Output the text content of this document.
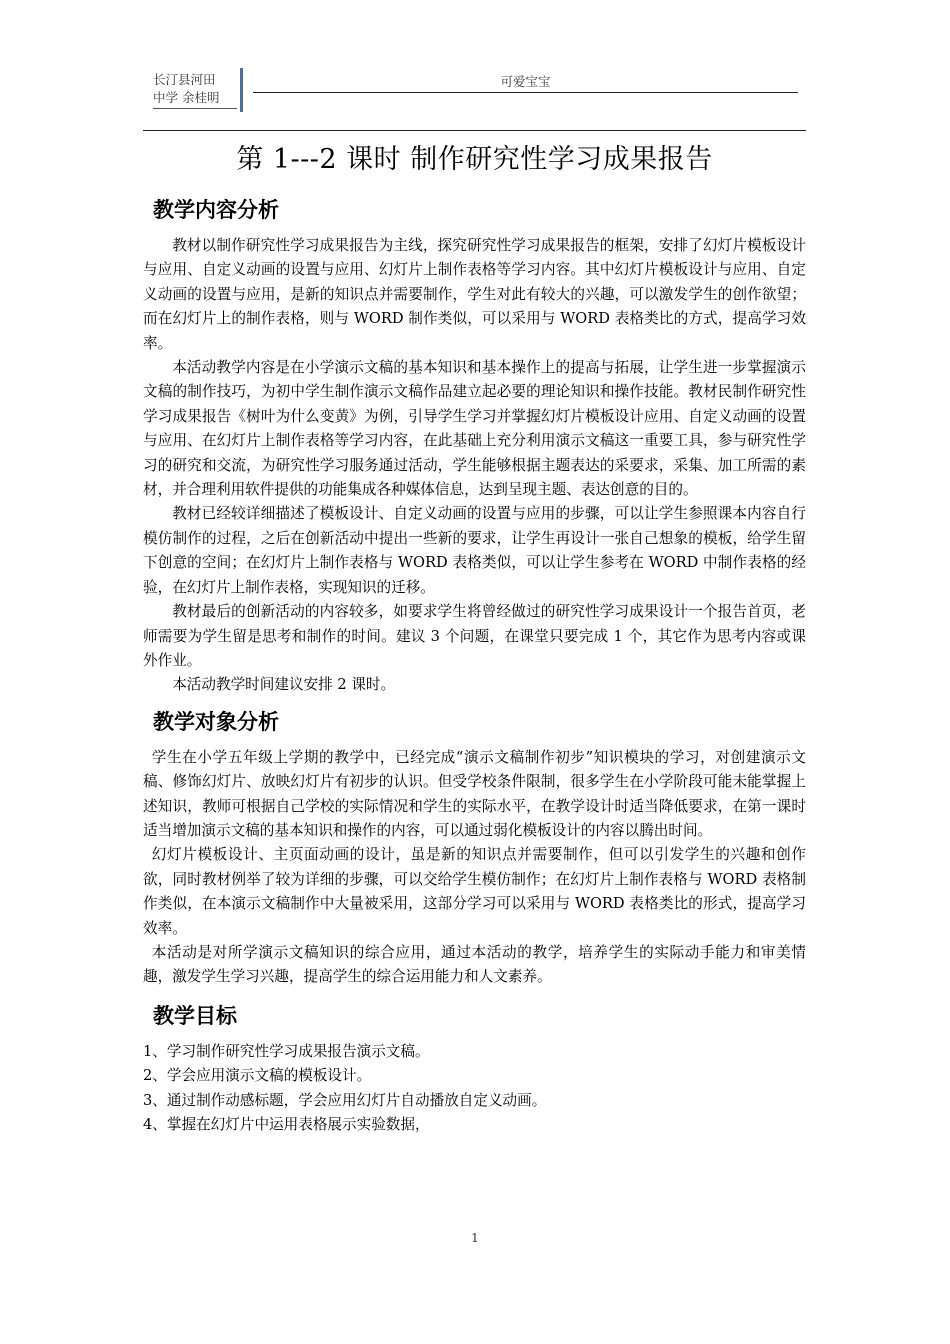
长汀县河田
中学 余桂明
可爱宝宝
第 1---2 课时 制作研究性学习成果报告
教学内容分析

教材以制作研究性学习成果报告为主线，探究研究性学习成果报告的框架，安排了幻灯片模板设计与应用、自定义动画的设置与应用、幻灯片上制作表格等学习内容。其中幻灯片模板设计与应用、自定义动画的设置与应用，是新的知识点并需要制作，学生对此有较大的兴趣，可以激发学生的创作欲望；而在幻灯片上的制作表格，则与 WORD 制作类似，可以采用与 WORD 表格类比的方式，提高学习效率。

本活动教学内容是在小学演示文稿的基本知识和基本操作上的提高与拓展，让学生进一步掌握演示文稿的制作技巧，为初中学生制作演示文稿作品建立起必要的理论知识和操作技能。教材民制作研究性学习成果报告《树叶为什么变黄》为例，引导学生学习并掌握幻灯片模板设计应用、自定义动画的设置与应用、在幻灯片上制作表格等学习内容，在此基础上充分利用演示文稿这一重要工具，参与研究性学习的研究和交流，为研究性学习服务通过活动，学生能够根据主题表达的采要求，采集、加工所需的素材，并合理利用软件提供的功能集成各种媒体信息，达到呈现主题、表达创意的目的。

教材已经较详细描述了模板设计、自定义动画的设置与应用的步骤，可以让学生参照课本内容自行模仿制作的过程，之后在创新活动中提出一些新的要求，让学生再设计一张自己想象的模板，给学生留下创意的空间；在幻灯片上制作表格与 WORD 表格类似，可以让学生参考在 WORD 中制作表格的经验，在幻灯片上制作表格，实现知识的迁移。

教材最后的创新活动的内容较多，如要求学生将曾经做过的研究性学习成果设计一个报告首页，老师需要为学生留是思考和制作的时间。建议 3 个问题，在课堂只要完成 1 个，其它作为思考内容或课外作业。

本活动教学时间建议安排 2 课时。

教学对象分析

学生在小学五年级上学期的教学中，已经完成“演示文稿制作初步”知识模块的学习，对创建演示文稿、修饰幻灯片、放映幻灯片有初步的认识。但受学校条件限制，很多学生在小学阶段可能未能掌握上述知识，教师可根据自己学校的实际情况和学生的实际水平，在教学设计时适当降低要求，在第一课时适当增加演示文稿的基本知识和操作的内容，可以通过弱化模板设计的内容以腾出时间。

幻灯片模板设计、主页面动画的设计，虽是新的知识点并需要制作，但可以引发学生的兴趣和创作欲，同时教材例举了较为详细的步骤，可以交给学生模仿制作；在幻灯片上制作表格与 WORD 表格制作类似，在本演示文稿制作中大量被采用，这部分学习可以采用与 WORD 表格类比的形式，提高学习效率。

本活动是对所学演示文稿知识的综合应用，通过本活动的教学，培养学生的实际动手能力和审美情趣，激发学生学习兴趣，提高学生的综合运用能力和人文素养。

教学目标

1、学习制作研究性学习成果报告演示文稿。

2、学会应用演示文稿的模板设计。

3、通过制作动感标题，学会应用幻灯片自动播放自定义动画。

4、掌握在幻灯片中运用表格展示实验数据，

1
